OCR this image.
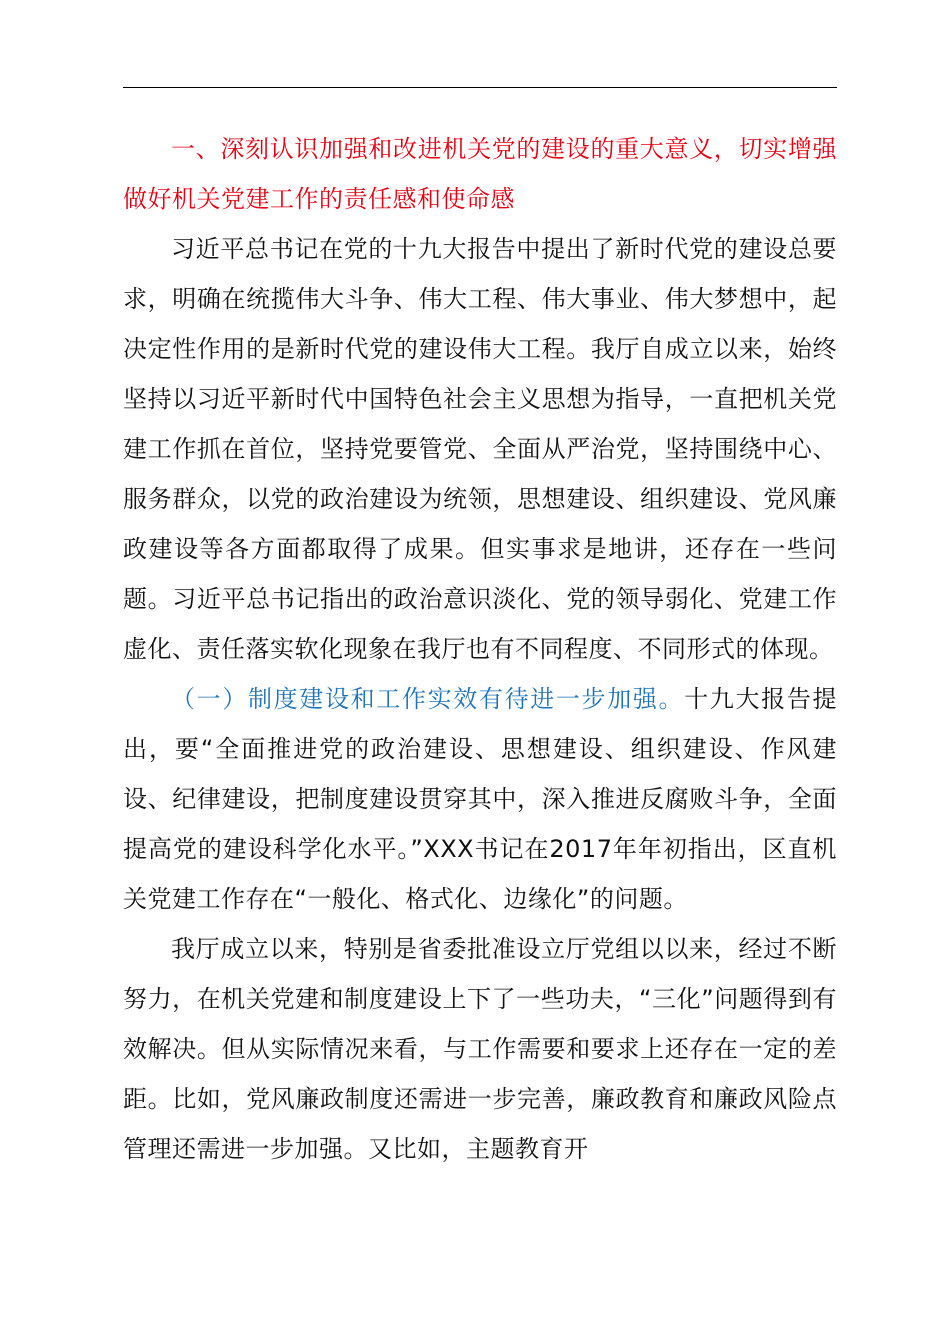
一、深刻认识加强和改进机关党的建设的重大意义，切实增强做好机关党建工作的责任感和使命感

习近平总书记在党的十九大报告中提出了新时代党的建设总要求，明确在统揽伟大斗争、伟大工程、伟大事业、伟大梦想中，起决定性作用的是新时代党的建设伟大工程。我厅自成立以来，始终坚持以习近平新时代中国特色社会主义思想为指导，一直把机关党建工作抓在首位，坚持党要管党、全面从严治党，坚持围绕中心、服务群众，以党的政治建设为统领，思想建设、组织建设、党风廉政建设等各方面都取得了成果。但实事求是地讲，还存在一些问题。习近平总书记指出的政治意识淡化、党的领导弱化、党建工作虚化、责任落实软化现象在我厅也有不同程度、不同形式的体现。

（一）制度建设和工作实效有待进一步加强。十九大报告提出，要“全面推进党的政治建设、思想建设、组织建设、作风建设、纪律建设，把制度建设贯穿其中，深入推进反腐败斗争，全面提高党的建设科学化水平。”XXX书记在2017年年初指出，区直机关党建工作存在“一般化、格式化、边缘化”的问题。

我厅成立以来，特别是省委批准设立厅党组以以来，经过不断努力，在机关党建和制度建设上下了一些功夫，“三化”问题得到有效解决。但从实际情况来看，与工作需要和要求上还存在一定的差距。比如，党风廉政制度还需进一步完善，廉政教育和廉政风险点管理还需进一步加强。又比如，主题教育开
